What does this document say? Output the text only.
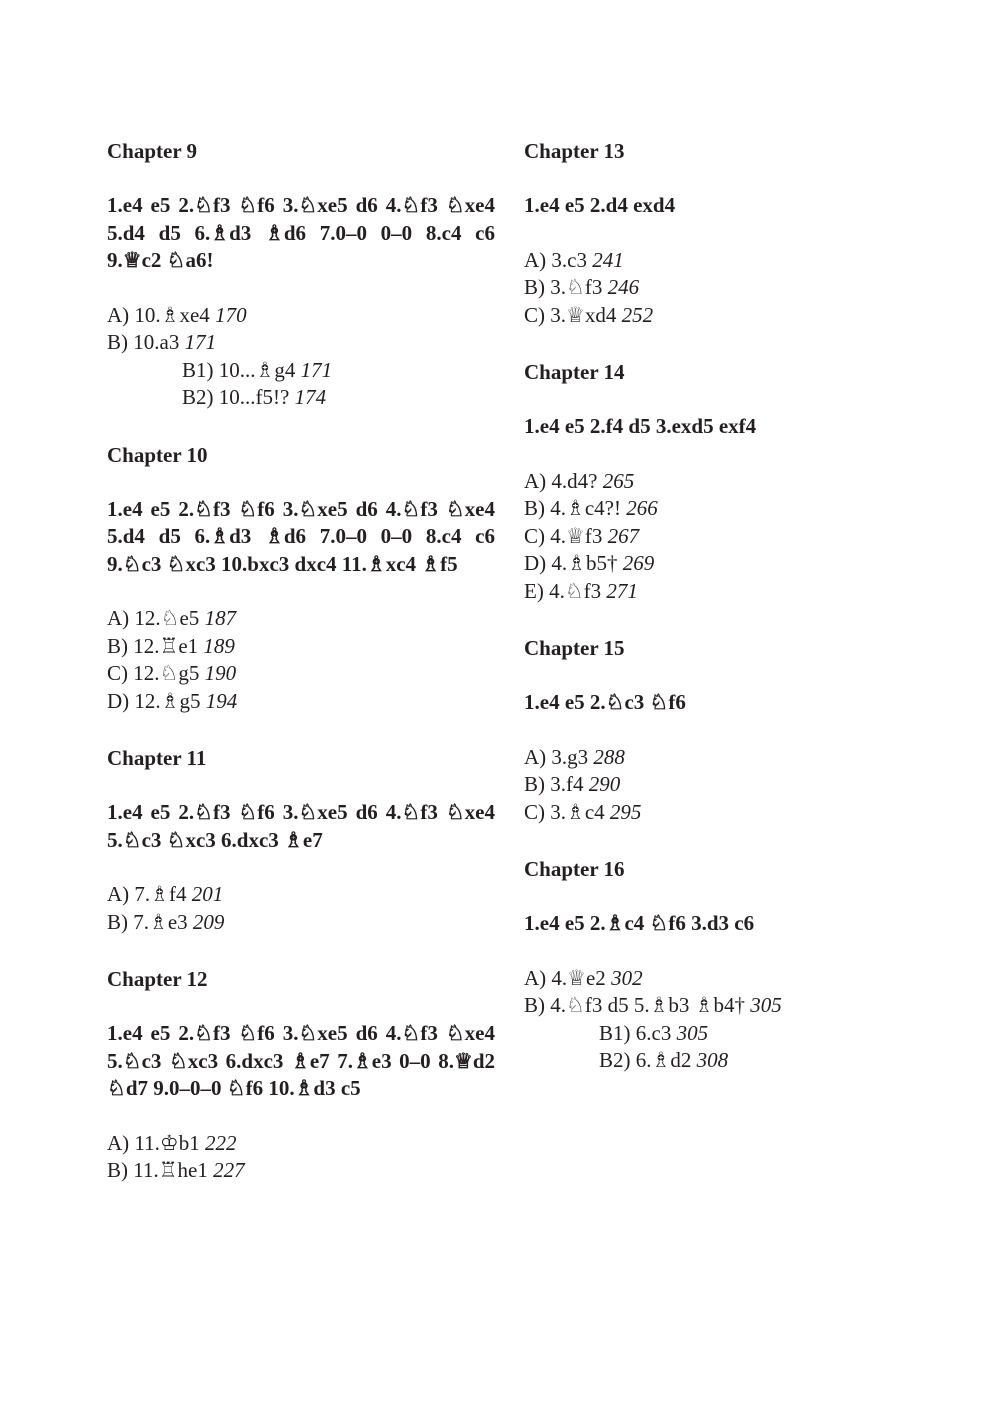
Chapter 9
1.e4 e5 2.♘f3 ♘f6 3.♘xe5 d6 4.♘f3 ♘xe4 5.d4 d5 6.♗d3 ♗d6 7.0–0 0–0 8.c4 c6 9.♕c2 ♘a6!
A) 10.♗xe4 170
B) 10.a3 171
B1) 10...♗g4 171
B2) 10...f5!? 174
Chapter 10
1.e4 e5 2.♘f3 ♘f6 3.♘xe5 d6 4.♘f3 ♘xe4 5.d4 d5 6.♗d3 ♗d6 7.0–0 0–0 8.c4 c6 9.♘c3 ♘xc3 10.bxc3 dxc4 11.♗xc4 ♗f5
A) 12.♘e5 187
B) 12.♖e1 189
C) 12.♘g5 190
D) 12.♗g5 194
Chapter 11
1.e4 e5 2.♘f3 ♘f6 3.♘xe5 d6 4.♘f3 ♘xe4 5.♘c3 ♘xc3 6.dxc3 ♗e7
A) 7.♗f4 201
B) 7.♗e3 209
Chapter 12
1.e4 e5 2.♘f3 ♘f6 3.♘xe5 d6 4.♘f3 ♘xe4 5.♘c3 ♘xc3 6.dxc3 ♗e7 7.♗e3 0–0 8.♕d2 ♘d7 9.0–0–0 ♘f6 10.♗d3 c5
A) 11.♔b1 222
B) 11.♖he1 227
Chapter 13
1.e4 e5 2.d4 exd4
A) 3.c3 241
B) 3.♘f3 246
C) 3.♕xd4 252
Chapter 14
1.e4 e5 2.f4 d5 3.exd5 exf4
A) 4.d4? 265
B) 4.♗c4?! 266
C) 4.♕f3 267
D) 4.♗b5† 269
E) 4.♘f3 271
Chapter 15
1.e4 e5 2.♘c3 ♘f6
A) 3.g3 288
B) 3.f4 290
C) 3.♗c4 295
Chapter 16
1.e4 e5 2.♗c4 ♘f6 3.d3 c6
A) 4.♕e2 302
B) 4.♘f3 d5 5.♗b3 ♗b4† 305
B1) 6.c3 305
B2) 6.♗d2 308
